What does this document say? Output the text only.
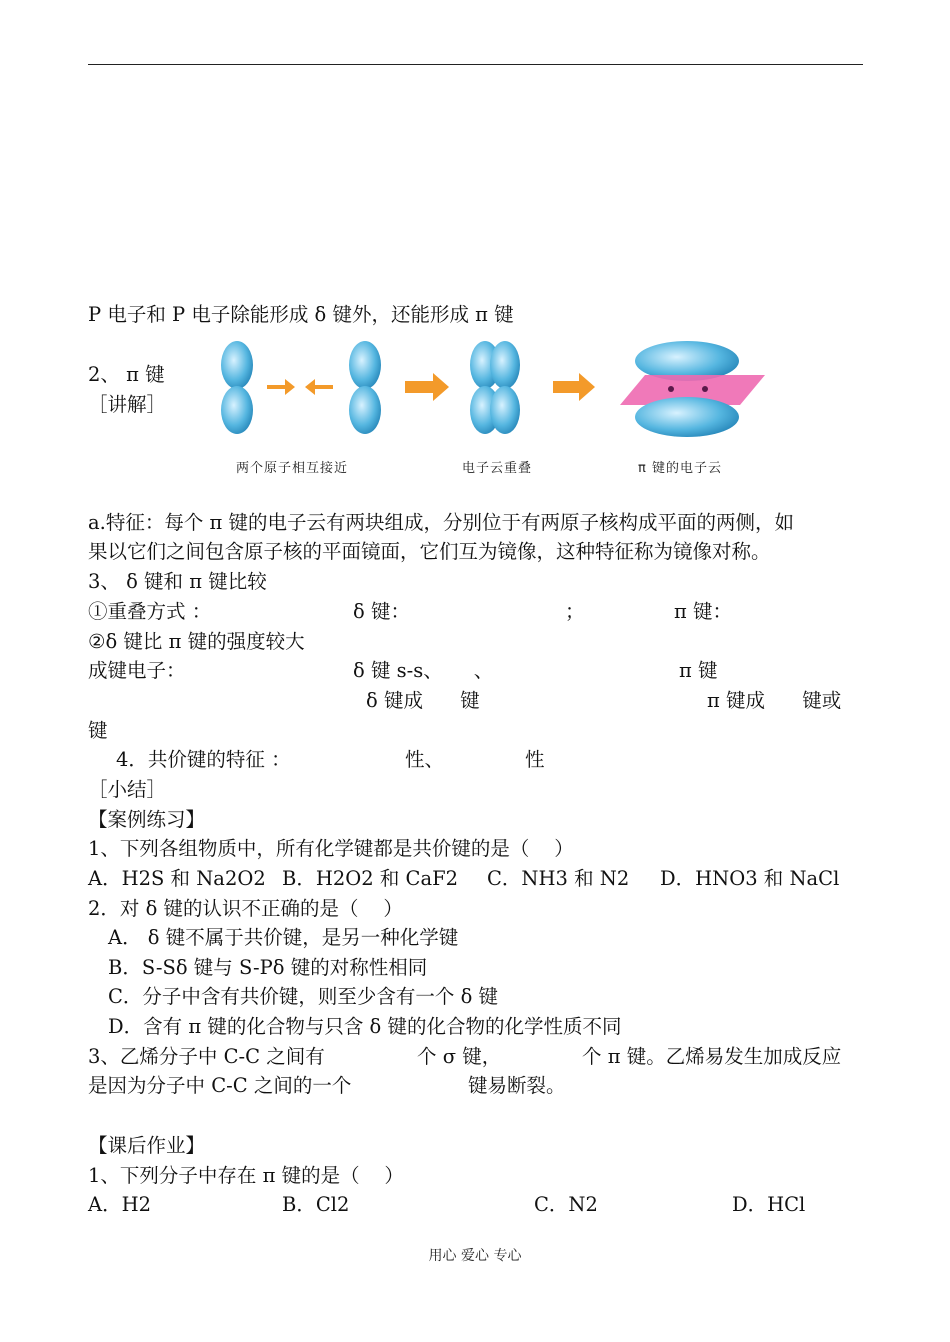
P 电子和 P 电子除能形成 δ 键外，还能形成 π 键
2、 π 键
［讲解］
两个原子相互接近	电子云重叠	π 键的电子云
a.特征：每个 π 键的电子云有两块组成，分别位于有两原子核构成平面的两侧，如
果以它们之间包含原子核的平面镜面，它们互为镜像，这种特征称为镜像对称。
3、 δ 键和 π 键比较
①重叠方式 ：	δ 键：	；	π 键：
②δ 键比 π 键的强度较大
成键电子：	δ 键 s-s、     、	π 键
δ 键成      键	π 键成      键或
键
4．共价键的特征 ：	性、	性
［小结］
【案例练习】
1、下列各组物质中，所有化学键都是共价键的是（    ）
A．H2S 和 Na2O2 B．H2O2 和 CaF2 C．NH3 和 N2 D．HNO3 和 NaCl
2．对 δ 键的认识不正确的是（    ）
A． δ 键不属于共价键，是另一种化学键
B．S-Sδ 键与 S-Pδ 键的对称性相同
C．分子中含有共价键，则至少含有一个 δ 键
D．含有 π 键的化合物与只含 δ 键的化合物的化学性质不同
3、乙烯分子中 C-C 之间有	个 σ 键，	个 π 键。乙烯易发生加成反应
是因为分子中 C-C 之间的一个	键易断裂。
【课后作业】
1、下列分子中存在 π 键的是（    ）
A．H2	B．Cl2	C．N2	D．HCl
用心 爱心 专心
